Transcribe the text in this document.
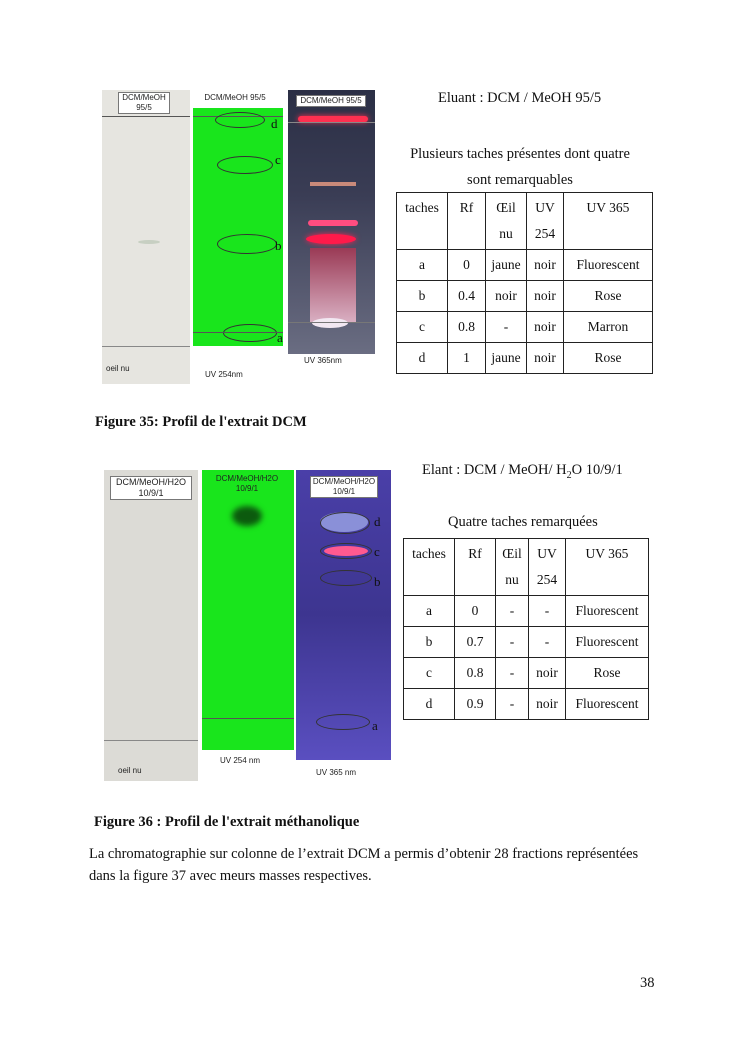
DCM/MeOH
95/5
oeil nu
DCM/MeOH 95/5
d
c
b
a
UV 254nm
DCM/MeOH 95/5
UV 365nm
Eluant : DCM / MeOH 95/5
Plusieurs taches présentes dont quatre sont remarquables
taches	Rf	Œil nu	UV 254	UV 365
a	0	jaune	noir	Fluorescent
b	0.4	noir	noir	Rose
c	0.8	-	noir	Marron
d	1	jaune	noir	Rose
Figure 35: Profil de l'extrait DCM
DCM/MeOH/H2O
10/9/1
oeil nu
DCM/MeOH/H2O
10/9/1
UV 254 nm
DCM/MeOH/H2O
10/9/1
d
c
b
a
UV 365 nm
Elant : DCM / MeOH/ $H_2O$ 10/9/1
Quatre taches remarquées
taches	Rf	Œil nu	UV 254	UV 365
a	0	-	-	Fluorescent
b	0.7	-	-	Fluorescent
c	0.8	-	noir	Rose
d	0.9	-	noir	Fluorescent
Figure 36 : Profil de l'extrait méthanolique
La chromatographie sur colonne de l’extrait DCM a permis d’obtenir 28 fractions représentées dans la figure 37 avec meurs masses respectives.
38
